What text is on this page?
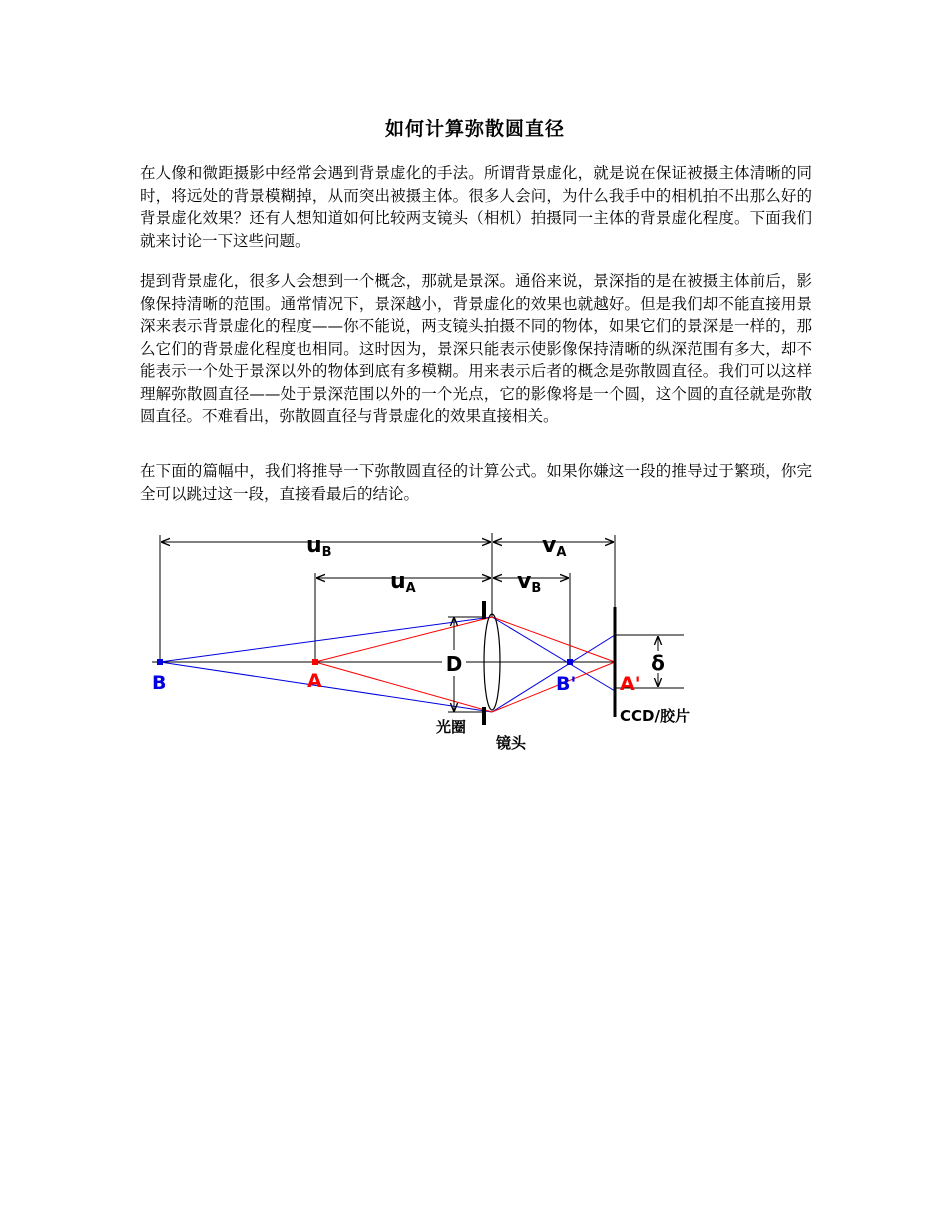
如何计算弥散圆直径

在人像和微距摄影中经常会遇到背景虚化的手法。所谓背景虚化，就是说在保证被摄主体清晰的同时，将远处的背景模糊掉，从而突出被摄主体。很多人会问，为什么我手中的相机拍不出那么好的背景虚化效果？还有人想知道如何比较两支镜头（相机）拍摄同一主体的背景虚化程度。下面我们就来讨论一下这些问题。

提到背景虚化，很多人会想到一个概念，那就是景深。通俗来说，景深指的是在被摄主体前后，影像保持清晰的范围。通常情况下，景深越小，背景虚化的效果也就越好。但是我们却不能直接用景深来表示背景虚化的程度——你不能说，两支镜头拍摄不同的物体，如果它们的景深是一样的，那么它们的背景虚化程度也相同。这时因为，景深只能表示使影像保持清晰的纵深范围有多大，却不能表示一个处于景深以外的物体到底有多模糊。用来表示后者的概念是弥散圆直径。我们可以这样理解弥散圆直径——处于景深范围以外的一个光点，它的影像将是一个圆，这个圆的直径就是弥散圆直径。不难看出，弥散圆直径与背景虚化的效果直接相关。

在下面的篇幅中，我们将推导一下弥散圆直径的计算公式。如果你嫌这一段的推导过于繁琐，你完全可以跳过这一段，直接看最后的结论。

uB	vA
uA	vB
D	δ
B	A	B' A'
光圈
镜头
CCD/胶片
